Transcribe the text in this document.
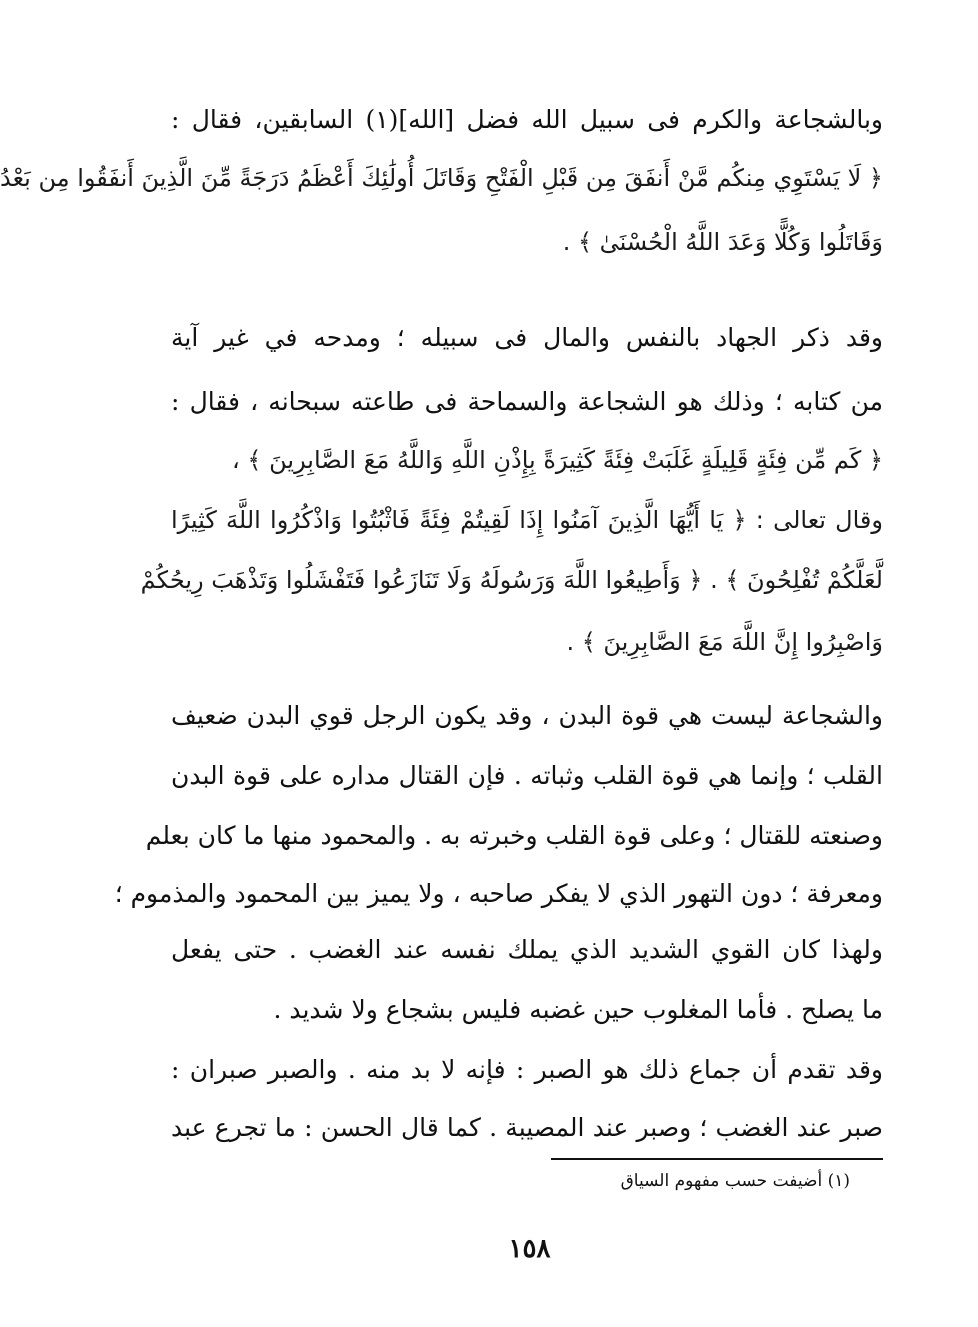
وبالشجاعة والكرم فى سبيل الله فضل [الله](١) السابقين، فقال :
﴿ لَا يَسْتَوِي مِنكُم مَّنْ أَنفَقَ مِن قَبْلِ الْفَتْحِ وَقَاتَلَ أُولَٰئِكَ أَعْظَمُ دَرَجَةً مِّنَ الَّذِينَ أَنفَقُوا مِن بَعْدُ
وَقَاتَلُوا وَكُلًّا وَعَدَ اللَّهُ الْحُسْنَىٰ ﴾ .
وقد ذكر الجهاد بالنفس والمال فى سبيله ؛ ومدحه في غير آية
من كتابه ؛ وذلك هو الشجاعة والسماحة فى طاعته سبحانه ، فقال :
﴿ كَم مِّن فِئَةٍ قَلِيلَةٍ غَلَبَتْ فِئَةً كَثِيرَةً بِإِذْنِ اللَّهِ وَاللَّهُ مَعَ الصَّابِرِينَ ﴾ ،
وقال تعالى : ﴿ يَا أَيُّهَا الَّذِينَ آمَنُوا إِذَا لَقِيتُمْ فِئَةً فَاثْبُتُوا وَاذْكُرُوا اللَّهَ كَثِيرًا
لَّعَلَّكُمْ تُفْلِحُونَ ﴾ . ﴿ وَأَطِيعُوا اللَّهَ وَرَسُولَهُ وَلَا تَنَازَعُوا فَتَفْشَلُوا وَتَذْهَبَ رِيحُكُمْ
وَاصْبِرُوا إِنَّ اللَّهَ مَعَ الصَّابِرِينَ ﴾ .
والشجاعة ليست هي قوة البدن ، وقد يكون الرجل قوي البدن ضعيف
القلب ؛ وإنما هي قوة القلب وثباته . فإن القتال مداره على قوة البدن
وصنعته للقتال ؛ وعلى قوة القلب وخبرته به . والمحمود منها ما كان بعلم
ومعرفة ؛ دون التهور الذي لا يفكر صاحبه ، ولا يميز بين المحمود والمذموم ؛
ولهذا كان القوي الشديد الذي يملك نفسه عند الغضب . حتى يفعل
ما يصلح . فأما المغلوب حين غضبه فليس بشجاع ولا شديد .
وقد تقدم أن جماع ذلك هو الصبر : فإنه لا بد منه . والصبر صبران :
صبر عند الغضب ؛ وصبر عند المصيبة . كما قال الحسن : ما تجرع عبد
(١) أضيفت حسب مفهوم السياق
١٥٨
